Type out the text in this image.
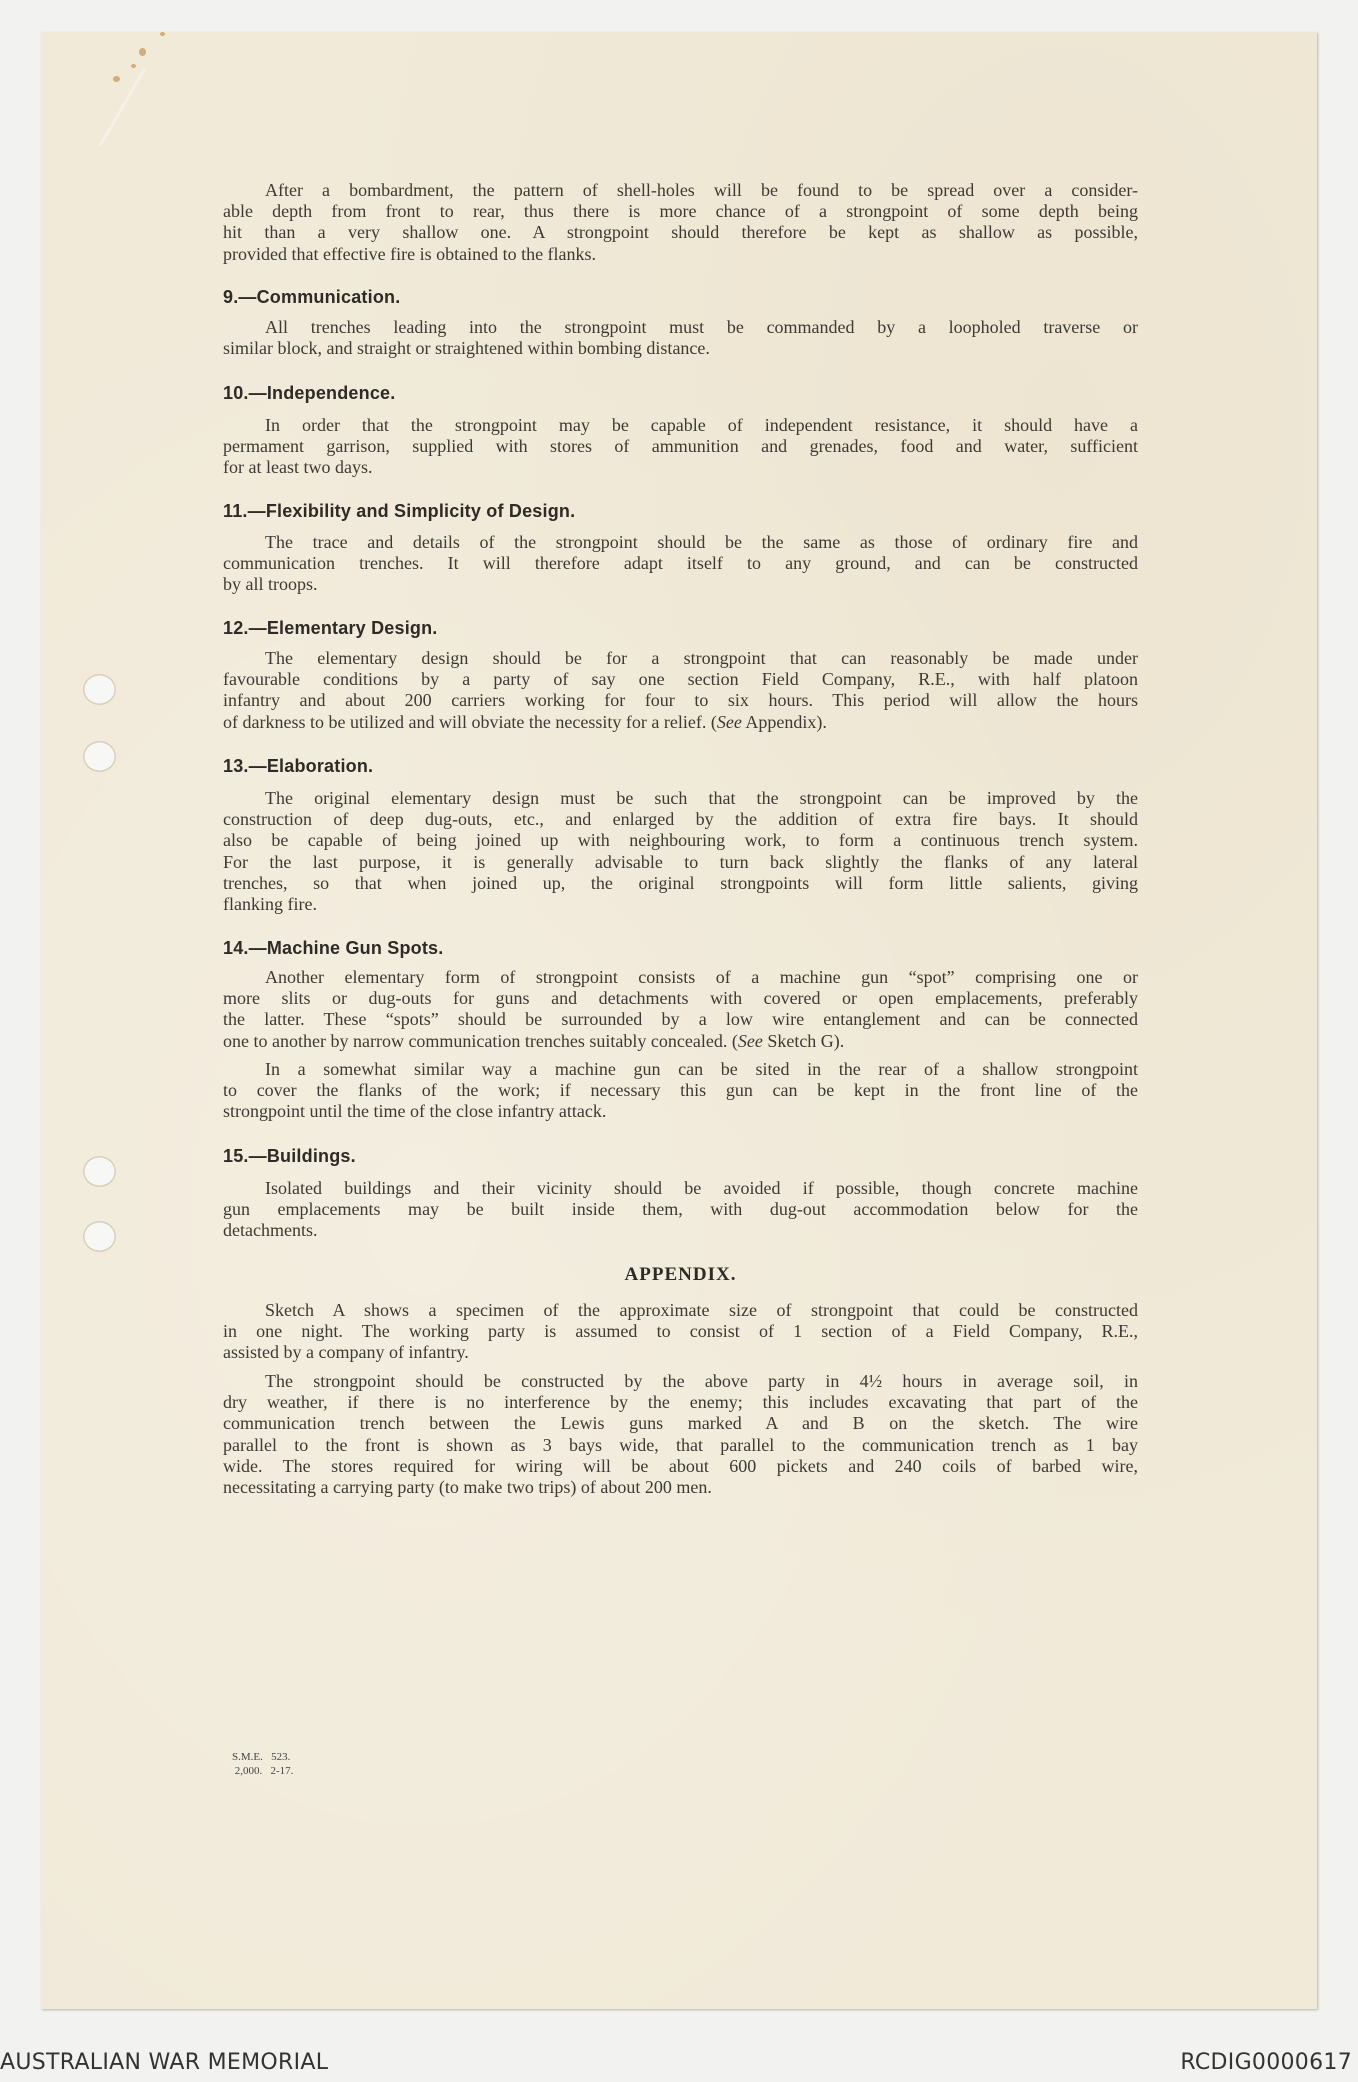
After a bombardment, the pattern of shell-holes will be found to be spread over a consider-
able depth from front to rear, thus there is more chance of a strongpoint of some depth being
hit than a very shallow one. A strongpoint should therefore be kept as shallow as possible,
provided that effective fire is obtained to the flanks.
9.—Communication.
All trenches leading into the strongpoint must be commanded by a loopholed traverse or
similar block, and straight or straightened within bombing distance.
10.—Independence.
In order that the strongpoint may be capable of independent resistance, it should have a
permament garrison, supplied with stores of ammunition and grenades, food and water, sufficient
for at least two days.
11.—Flexibility and Simplicity of Design.
The trace and details of the strongpoint should be the same as those of ordinary fire and
communication trenches. It will therefore adapt itself to any ground, and can be constructed
by all troops.
12.—Elementary Design.
The elementary design should be for a strongpoint that can reasonably be made under
favourable conditions by a party of say one section Field Company, R.E., with half platoon
infantry and about 200 carriers working for four to six hours. This period will allow the hours
of darkness to be utilized and will obviate the necessity for a relief. (See Appendix).
13.—Elaboration.
The original elementary design must be such that the strongpoint can be improved by the
construction of deep dug-outs, etc., and enlarged by the addition of extra fire bays. It should
also be capable of being joined up with neighbouring work, to form a continuous trench system.
For the last purpose, it is generally advisable to turn back slightly the flanks of any lateral
trenches, so that when joined up, the original strongpoints will form little salients, giving
flanking fire.
14.—Machine Gun Spots.
Another elementary form of strongpoint consists of a machine gun “spot” comprising one or
more slits or dug-outs for guns and detachments with covered or open emplacements, preferably
the latter. These “spots” should be surrounded by a low wire entanglement and can be connected
one to another by narrow communication trenches suitably concealed. (See Sketch G).
In a somewhat similar way a machine gun can be sited in the rear of a shallow strongpoint
to cover the flanks of the work; if necessary this gun can be kept in the front line of the
strongpoint until the time of the close infantry attack.
15.—Buildings.
Isolated buildings and their vicinity should be avoided if possible, though concrete machine
gun emplacements may be built inside them, with dug-out accommodation below for the
detachments.
APPENDIX.
Sketch A shows a specimen of the approximate size of strongpoint that could be constructed
in one night. The working party is assumed to consist of 1 section of a Field Company, R.E.,
assisted by a company of infantry.
The strongpoint should be constructed by the above party in 4½ hours in average soil, in
dry weather, if there is no interference by the enemy; this includes excavating that part of the
communication trench between the Lewis guns marked A and B on the sketch. The wire
parallel to the front is shown as 3 bays wide, that parallel to the communication trench as 1 bay
wide. The stores required for wiring will be about 600 pickets and 240 coils of barbed wire,
necessitating a carrying party (to make two trips) of about 200 men.
S.M.E.   523.
2,000.   2-17.
AUSTRALIAN WAR MEMORIAL	RCDIG0000617
